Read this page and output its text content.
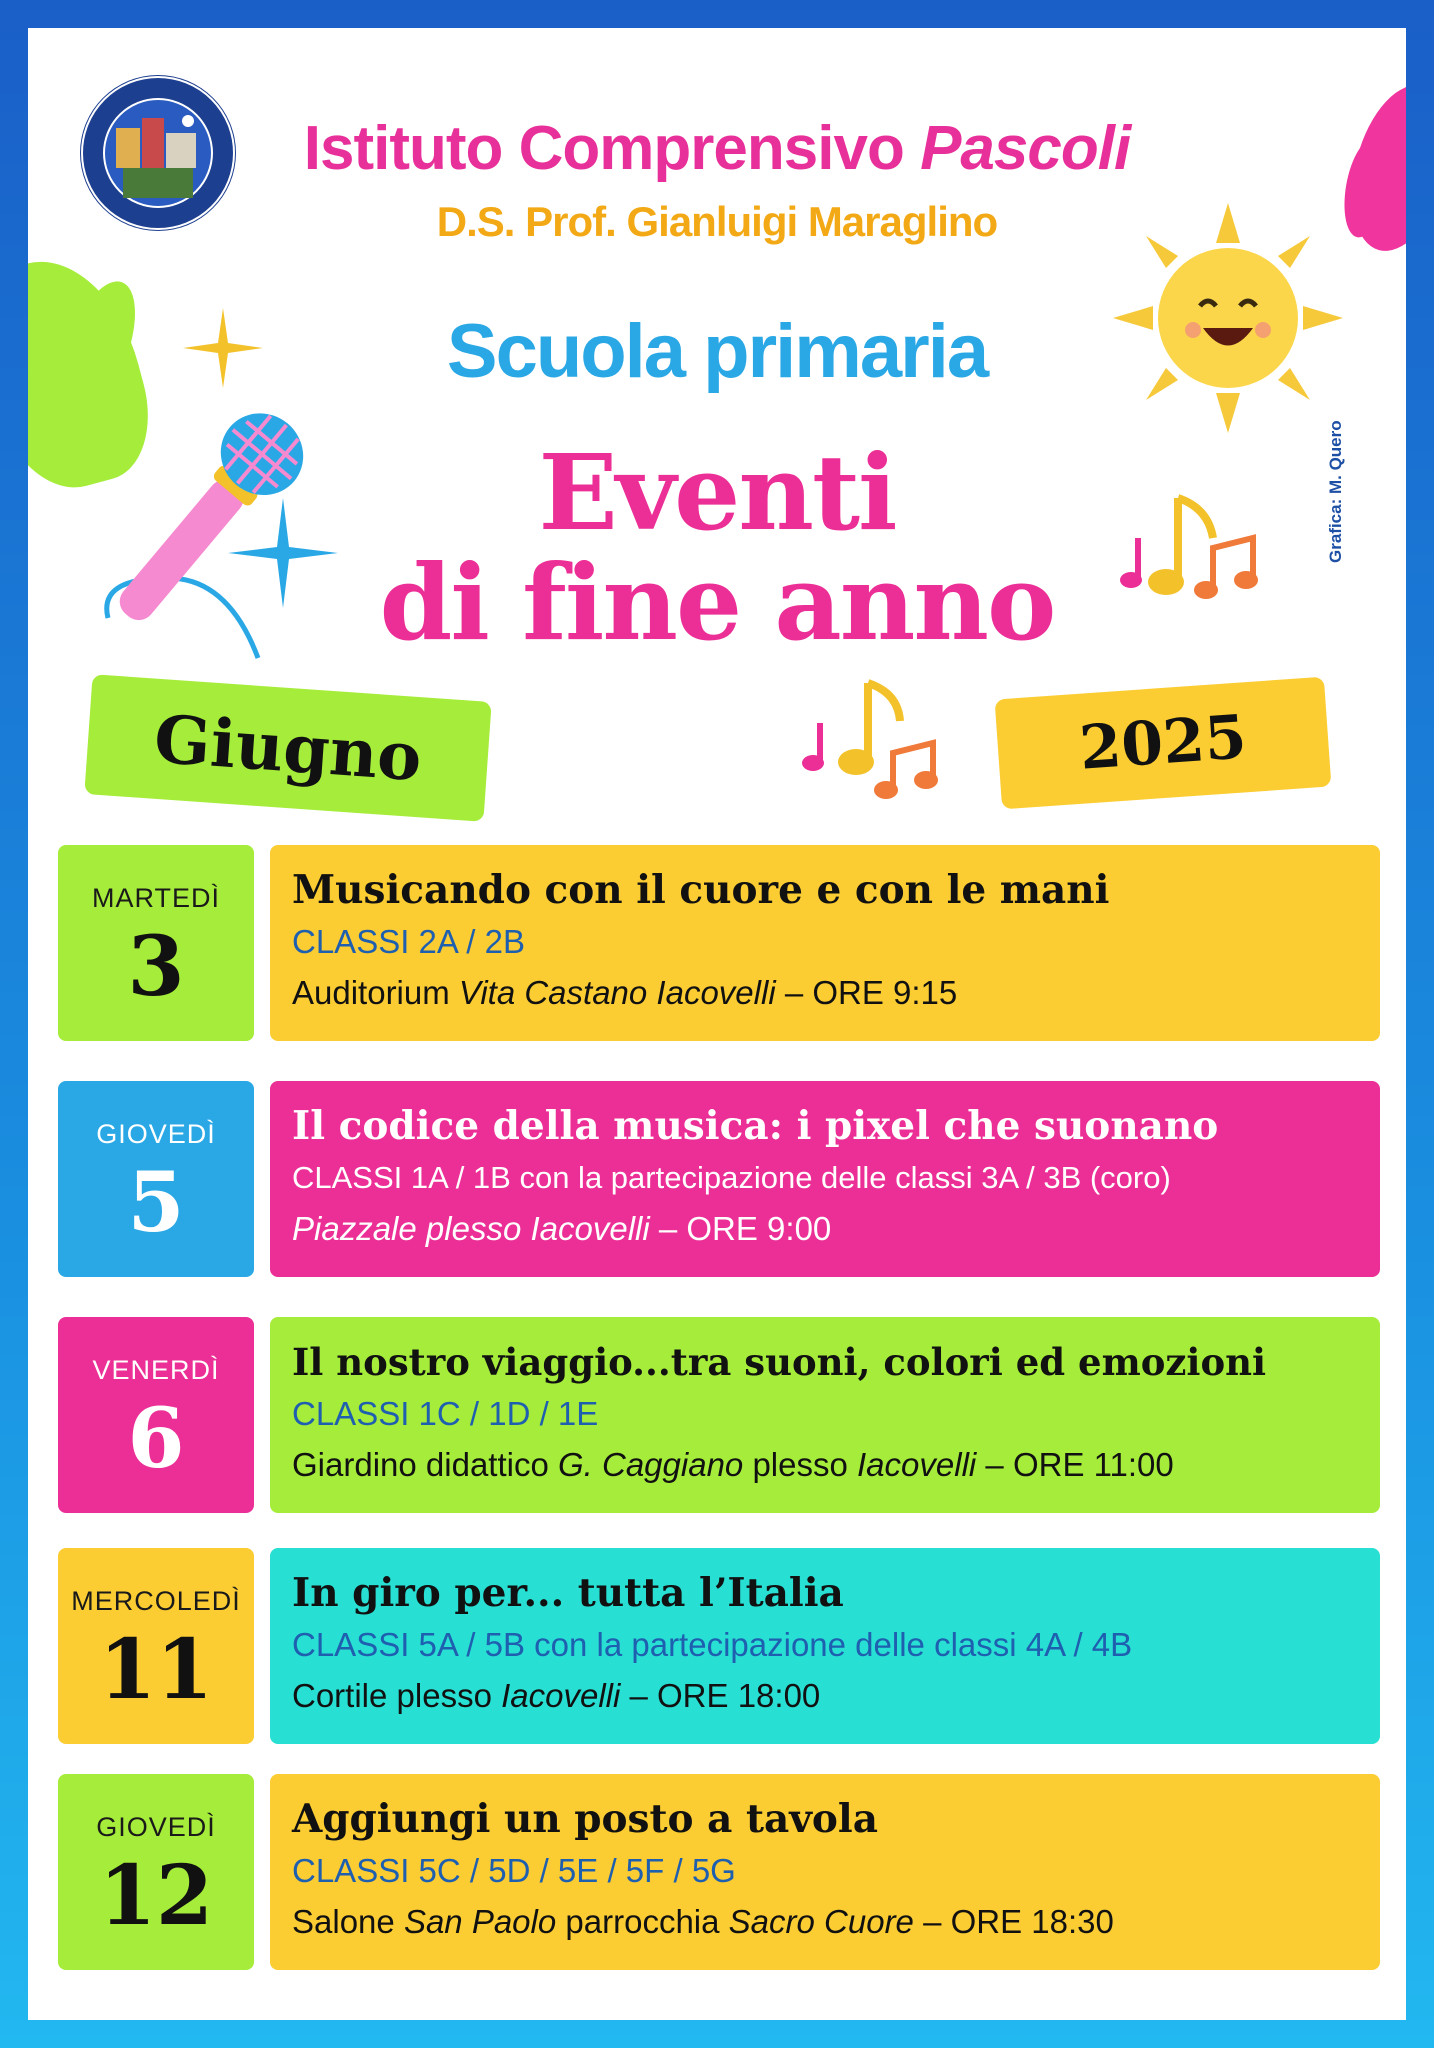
Istituto Comprensivo Pascoli
D.S. Prof. Gianluigi Maraglino
Scuola primaria
Eventi
di fine anno
Grafica: M. Quero
Giugno	2025
MARTEDÌ
3
Musicando con il cuore e con le mani
CLASSI 2A / 2B
Auditorium Vita Castano Iacovelli – ORE 9:15
GIOVEDÌ
5
Il codice della musica: i pixel che suonano
CLASSI 1A / 1B con la partecipazione delle classi 3A / 3B (coro)
Piazzale plesso Iacovelli – ORE 9:00
VENERDÌ
6
Il nostro viaggio...tra suoni, colori ed emozioni
CLASSI 1C / 1D / 1E
Giardino didattico G. Caggiano plesso Iacovelli – ORE 11:00
MERCOLEDÌ
11
In giro per... tutta l’Italia
CLASSI 5A / 5B con la partecipazione delle classi 4A / 4B
Cortile plesso Iacovelli – ORE 18:00
GIOVEDÌ
12
Aggiungi un posto a tavola
CLASSI 5C / 5D / 5E / 5F / 5G
Salone San Paolo parrocchia Sacro Cuore – ORE 18:30
